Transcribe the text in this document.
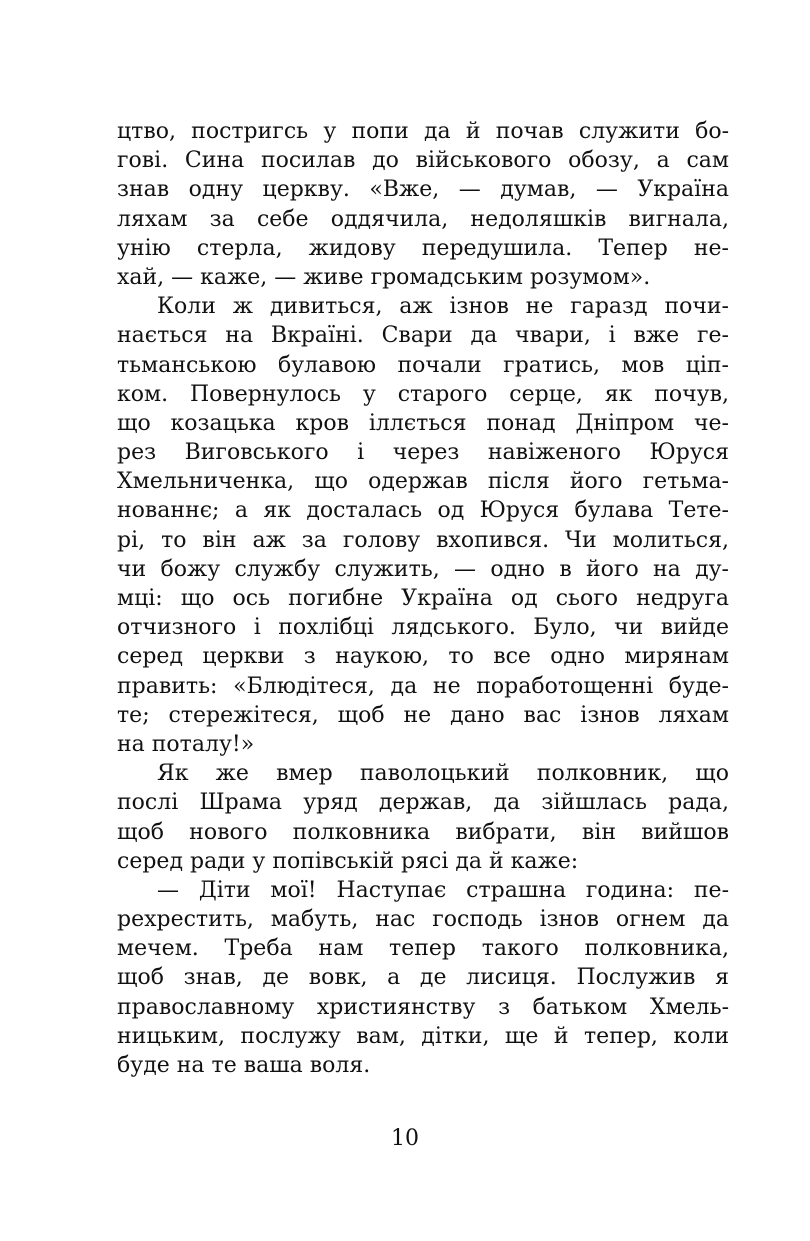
цтво, постригсь у попи да й почав служити бо-
гові. Сина посилав до військового обозу, а сам
знав одну церкву. «Вже, — думав, — Україна
ляхам за себе оддячила, недоляшків вигнала,
унію стерла, жидову передушила. Тепер не-
хай, — каже, — живе громадським розумом».
Коли ж дивиться, аж ізнов не гаразд почи-
нається на Вкраїні. Свари да чвари, і вже ге-
тьманською булавою почали гратись, мов ціп-
ком. Повернулось у старого серце, як почув,
що козацька кров іллється понад Дніпром че-
рез Виговського і через навіженого Юруся
Хмельниченка, що одержав після його гетьма-
нованнє; а як досталась од Юруся булава Тете-
рі, то він аж за голову вхопився. Чи молиться,
чи божу службу служить, — одно в його на ду-
мці: що ось погибне Україна од сього недруга
отчизного і похлібці лядського. Було, чи вийде
серед церкви з наукою, то все одно мирянам
править: «Блюдітеся, да не поработощенні буде-
те; стережітеся, щоб не дано вас ізнов ляхам
на поталу!»
Як же вмер паволоцький полковник, що
послі Шрама уряд держав, да зійшлась рада,
щоб нового полковника вибрати, він вийшов
серед ради у попівській рясі да й каже:
— Діти мої! Наступає страшна година: пе-
рехрестить, мабуть, нас господь ізнов огнем да
мечем. Треба нам тепер такого полковника,
щоб знав, де вовк, а де лисиця. Послужив я
православному християнству з батьком Хмель-
ницьким, послужу вам, дітки, ще й тепер, коли
буде на те ваша воля.
10
